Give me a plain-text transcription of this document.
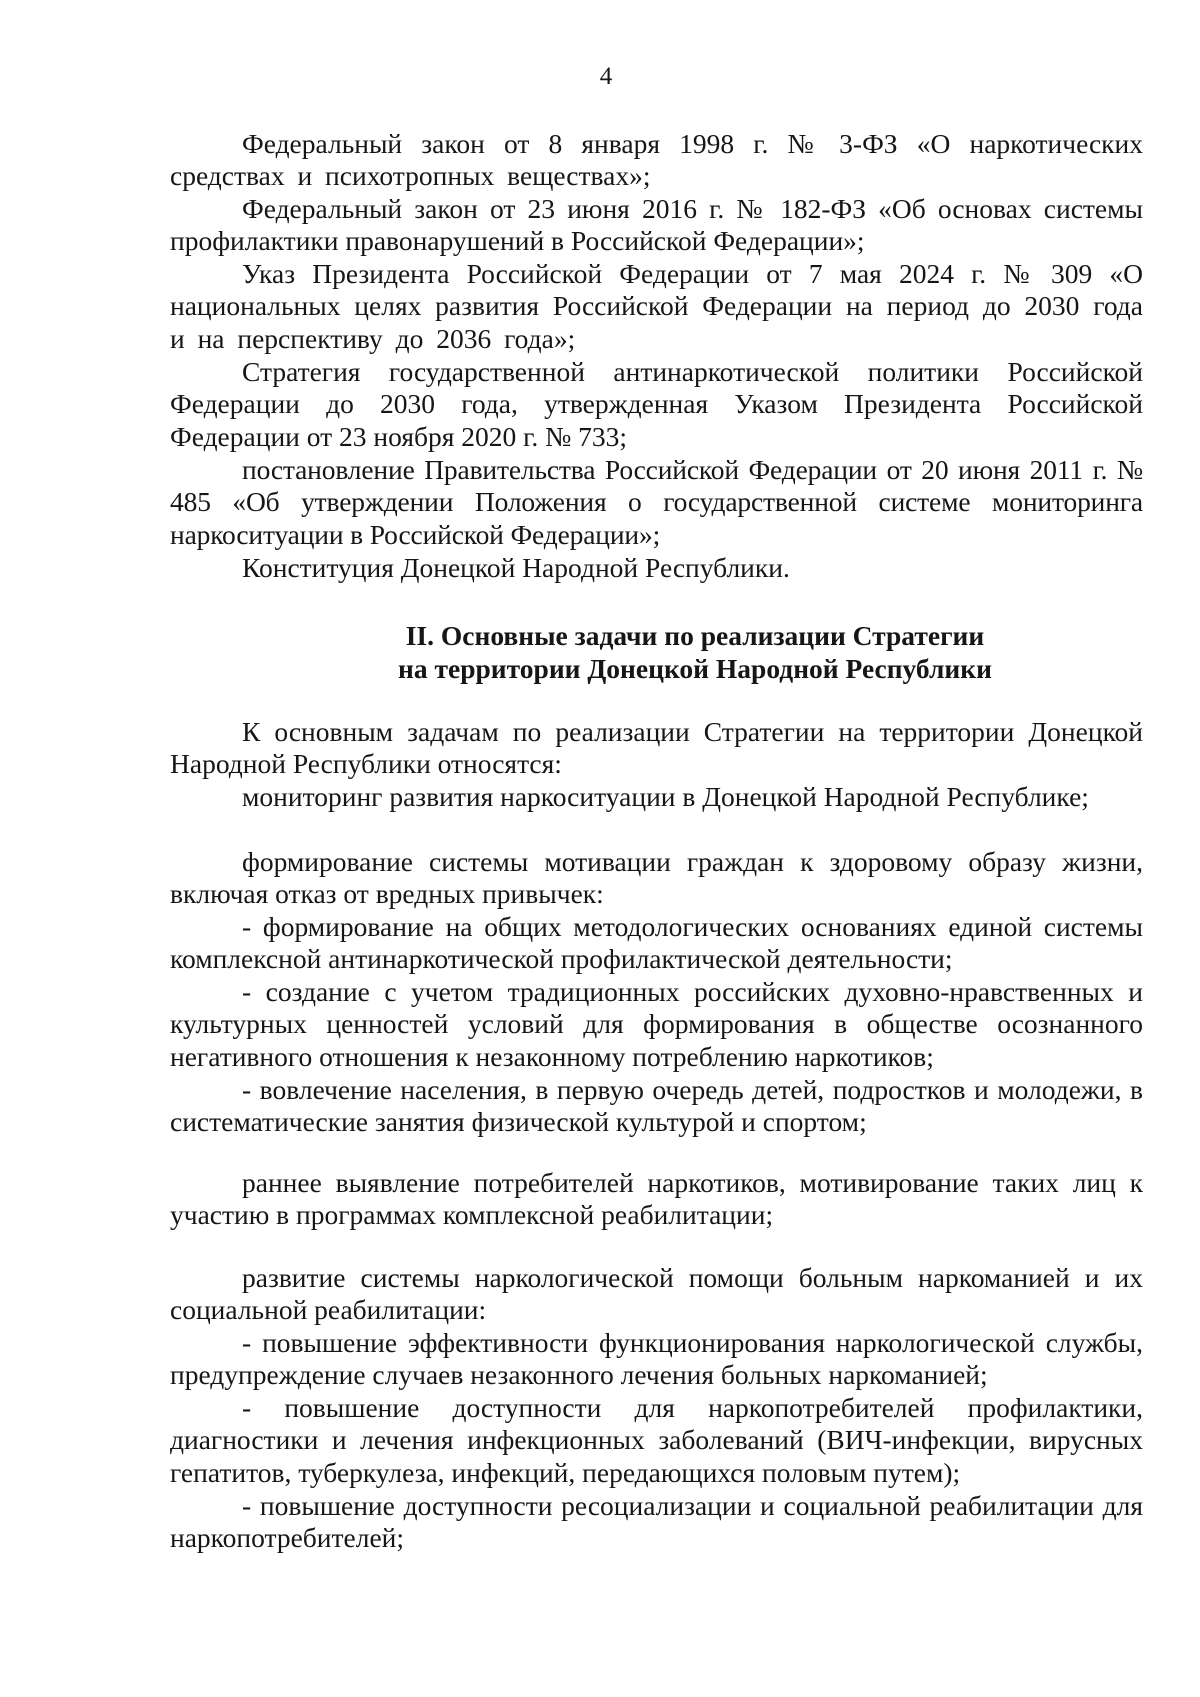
4

Федеральный закон от 8 января 1998 г. № 3-ФЗ «О наркотических средствах и психотропных веществах»;

Федеральный закон от 23 июня 2016 г. № 182-ФЗ «Об основах системы профилактики правонарушений в Российской Федерации»;

Указ Президента Российской Федерации от 7 мая 2024 г. № 309 «О национальных целях развития Российской Федерации на период до 2030 года и на перспективу до 2036 года»;

Стратегия государственной антинаркотической политики Российской Федерации до 2030 года, утвержденная Указом Президента Российской Федерации от 23 ноября 2020 г. № 733;

постановление Правительства Российской Федерации от 20 июня 2011 г. № 485 «Об утверждении Положения о государственной системе мониторинга наркоситуации в Российской Федерации»;

Конституция Донецкой Народной Республики.

II. Основные задачи по реализации Стратегии
на территории Донецкой Народной Республики

К основным задачам по реализации Стратегии на территории Донецкой Народной Республики относятся:

мониторинг развития наркоситуации в Донецкой Народной Республике;

формирование системы мотивации граждан к здоровому образу жизни, включая отказ от вредных привычек:

- формирование на общих методологических основаниях единой системы комплексной антинаркотической профилактической деятельности;

- создание с учетом традиционных российских духовно-нравственных и культурных ценностей условий для формирования в обществе осознанного негативного отношения к незаконному потреблению наркотиков;

- вовлечение населения, в первую очередь детей, подростков и молодежи, в систематические занятия физической культурой и спортом;

раннее выявление потребителей наркотиков, мотивирование таких лиц к участию в программах комплексной реабилитации;

развитие системы наркологической помощи больным наркоманией и их социальной реабилитации:

- повышение эффективности функционирования наркологической службы, предупреждение случаев незаконного лечения больных наркоманией;

- повышение доступности для наркопотребителей профилактики, диагностики и лечения инфекционных заболеваний (ВИЧ-инфекции, вирусных гепатитов, туберкулеза, инфекций, передающихся половым путем);

- повышение доступности ресоциализации и социальной реабилитации для наркопотребителей;
